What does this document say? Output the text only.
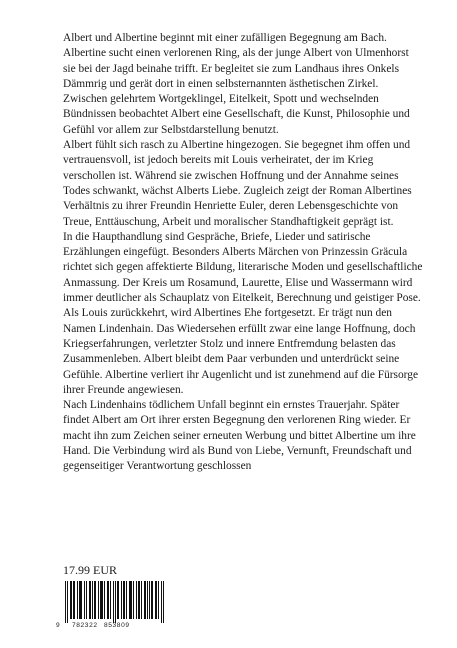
Albert und Albertine beginnt mit einer zufälligen Begegnung am Bach. Albertine sucht einen verlorenen Ring, als der junge Albert von Ulmenhorst sie bei der Jagd beinahe trifft. Er begleitet sie zum Landhaus ihres Onkels Dämmrig und gerät dort in einen selbsternannten ästhetischen Zirkel. Zwischen gelehrtem Wortgeklingel, Eitelkeit, Spott und wechselnden Bündnissen beobachtet Albert eine Gesellschaft, die Kunst, Philosophie und Gefühl vor allem zur Selbstdarstellung benutzt.

Albert fühlt sich rasch zu Albertine hingezogen. Sie begegnet ihm offen und vertrauensvoll, ist jedoch bereits mit Louis verheiratet, der im Krieg verschollen ist. Während sie zwischen Hoffnung und der Annahme seines Todes schwankt, wächst Alberts Liebe. Zugleich zeigt der Roman Albertines Verhältnis zu ihrer Freundin Henriette Euler, deren Lebensgeschichte von Treue, Enttäuschung, Arbeit und moralischer Standhaftigkeit geprägt ist.

In die Haupthandlung sind Gespräche, Briefe, Lieder und satirische Erzählungen eingefügt. Besonders Alberts Märchen von Prinzessin Gräcula richtet sich gegen affektierte Bildung, literarische Moden und gesellschaftliche Anmassung. Der Kreis um Rosamund, Laurette, Elise und Wassermann wird immer deutlicher als Schauplatz von Eitelkeit, Berechnung und geistiger Pose.

Als Louis zurückkehrt, wird Albertines Ehe fortgesetzt. Er trägt nun den Namen Lindenhain. Das Wiedersehen erfüllt zwar eine lange Hoffnung, doch Kriegserfahrungen, verletzter Stolz und innere Entfremdung belasten das Zusammenleben. Albert bleibt dem Paar verbunden und unterdrückt seine Gefühle. Albertine verliert ihr Augenlicht und ist zunehmend auf die Fürsorge ihrer Freunde angewiesen.

Nach Lindenhains tödlichem Unfall beginnt ein ernstes Trauerjahr. Später findet Albert am Ort ihrer ersten Begegnung den verlorenen Ring wieder. Er macht ihn zum Zeichen seiner erneuten Werbung und bittet Albertine um ihre Hand. Die Verbindung wird als Bund von Liebe, Vernunft, Freundschaft und gegenseitiger Verantwortung geschlossen

17.99 EUR
9 782322 853809
